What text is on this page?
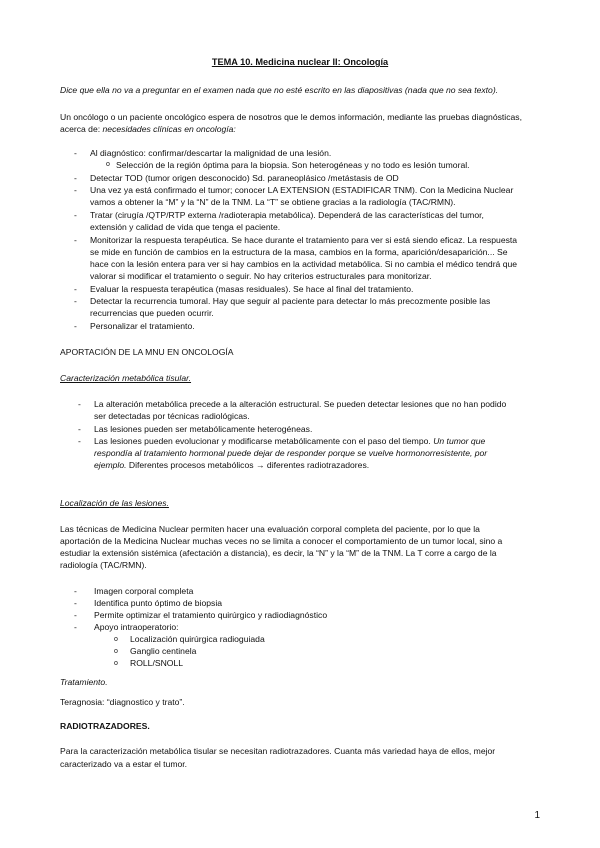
TEMA 10. Medicina nuclear II: Oncología

Dice que ella no va a preguntar en el examen nada que no esté escrito en las diapositivas (nada que no sea texto).

Un oncólogo o un paciente oncológico espera de nosotros que le demos información, mediante las pruebas diagnósticas,

acerca de: necesidades clínicas en oncología:

- Al diagnóstico: confirmar/descartar la malignidad de una lesión.

o Selección de la región óptima para la biopsia. Son heterogéneas y no todo es lesión tumoral.

- Detectar TOD (tumor origen desconocido) Sd. paraneoplásico /metástasis de OD

- Una vez ya está confirmado el tumor; conocer LA EXTENSION (ESTADIFICAR TNM). Con la Medicina Nuclear

vamos a obtener la “M” y la “N” de la TNM. La “T” se obtiene gracias a la radiología (TAC/RMN).

- Tratar (cirugía /QTP/RTP externa /radioterapia metabólica). Dependerá de las características del tumor,

extensión y calidad de vida que tenga el paciente.

- Monitorizar la respuesta terapéutica. Se hace durante el tratamiento para ver si está siendo eficaz. La respuesta

se mide en función de cambios en la estructura de la masa, cambios en la forma, aparición/desaparición... Se

hace con la lesión entera para ver si hay cambios en la actividad metabólica. Si no cambia el médico tendrá que

valorar si modificar el tratamiento o seguir. No hay criterios estructurales para monitorizar.

- Evaluar la respuesta terapéutica (masas residuales). Se hace al final del tratamiento.

- Detectar la recurrencia tumoral. Hay que seguir al paciente para detectar lo más precozmente posible las

recurrencias que pueden ocurrir.

- Personalizar el tratamiento.

APORTACIÓN DE LA MNU EN ONCOLOGÍA

Caracterización metabólica tisular.

- La alteración metabólica precede a la alteración estructural. Se pueden detectar lesiones que no han podido

ser detectadas por técnicas radiológicas.

- Las lesiones pueden ser metabólicamente heterogéneas.

- Las lesiones pueden evolucionar y modificarse metabólicamente con el paso del tiempo. Un tumor que

respondía al tratamiento hormonal puede dejar de responder porque se vuelve hormonorresistente, por

ejemplo. Diferentes procesos metabólicos → diferentes radiotrazadores.

Localización de las lesiones.

Las técnicas de Medicina Nuclear permiten hacer una evaluación corporal completa del paciente, por lo que la

aportación de la Medicina Nuclear muchas veces no se limita a conocer el comportamiento de un tumor local, sino a

estudiar la extensión sistémica (afectación a distancia), es decir, la “N” y la “M” de la TNM. La T corre a cargo de la

radiología (TAC/RMN).

- Imagen corporal completa

- Identifica punto óptimo de biopsia

- Permite optimizar el tratamiento quirúrgico y radiodiagnóstico

- Apoyo intraoperatorio:

o Localización quirúrgica radioguiada

o Ganglio centinela

o ROLL/SNOLL

Tratamiento.

Teragnosia: “diagnostico y trato”.

RADIOTRAZADORES.

Para la caracterización metabólica tisular se necesitan radiotrazadores. Cuanta más variedad haya de ellos, mejor

caracterizado va a estar el tumor.

1
